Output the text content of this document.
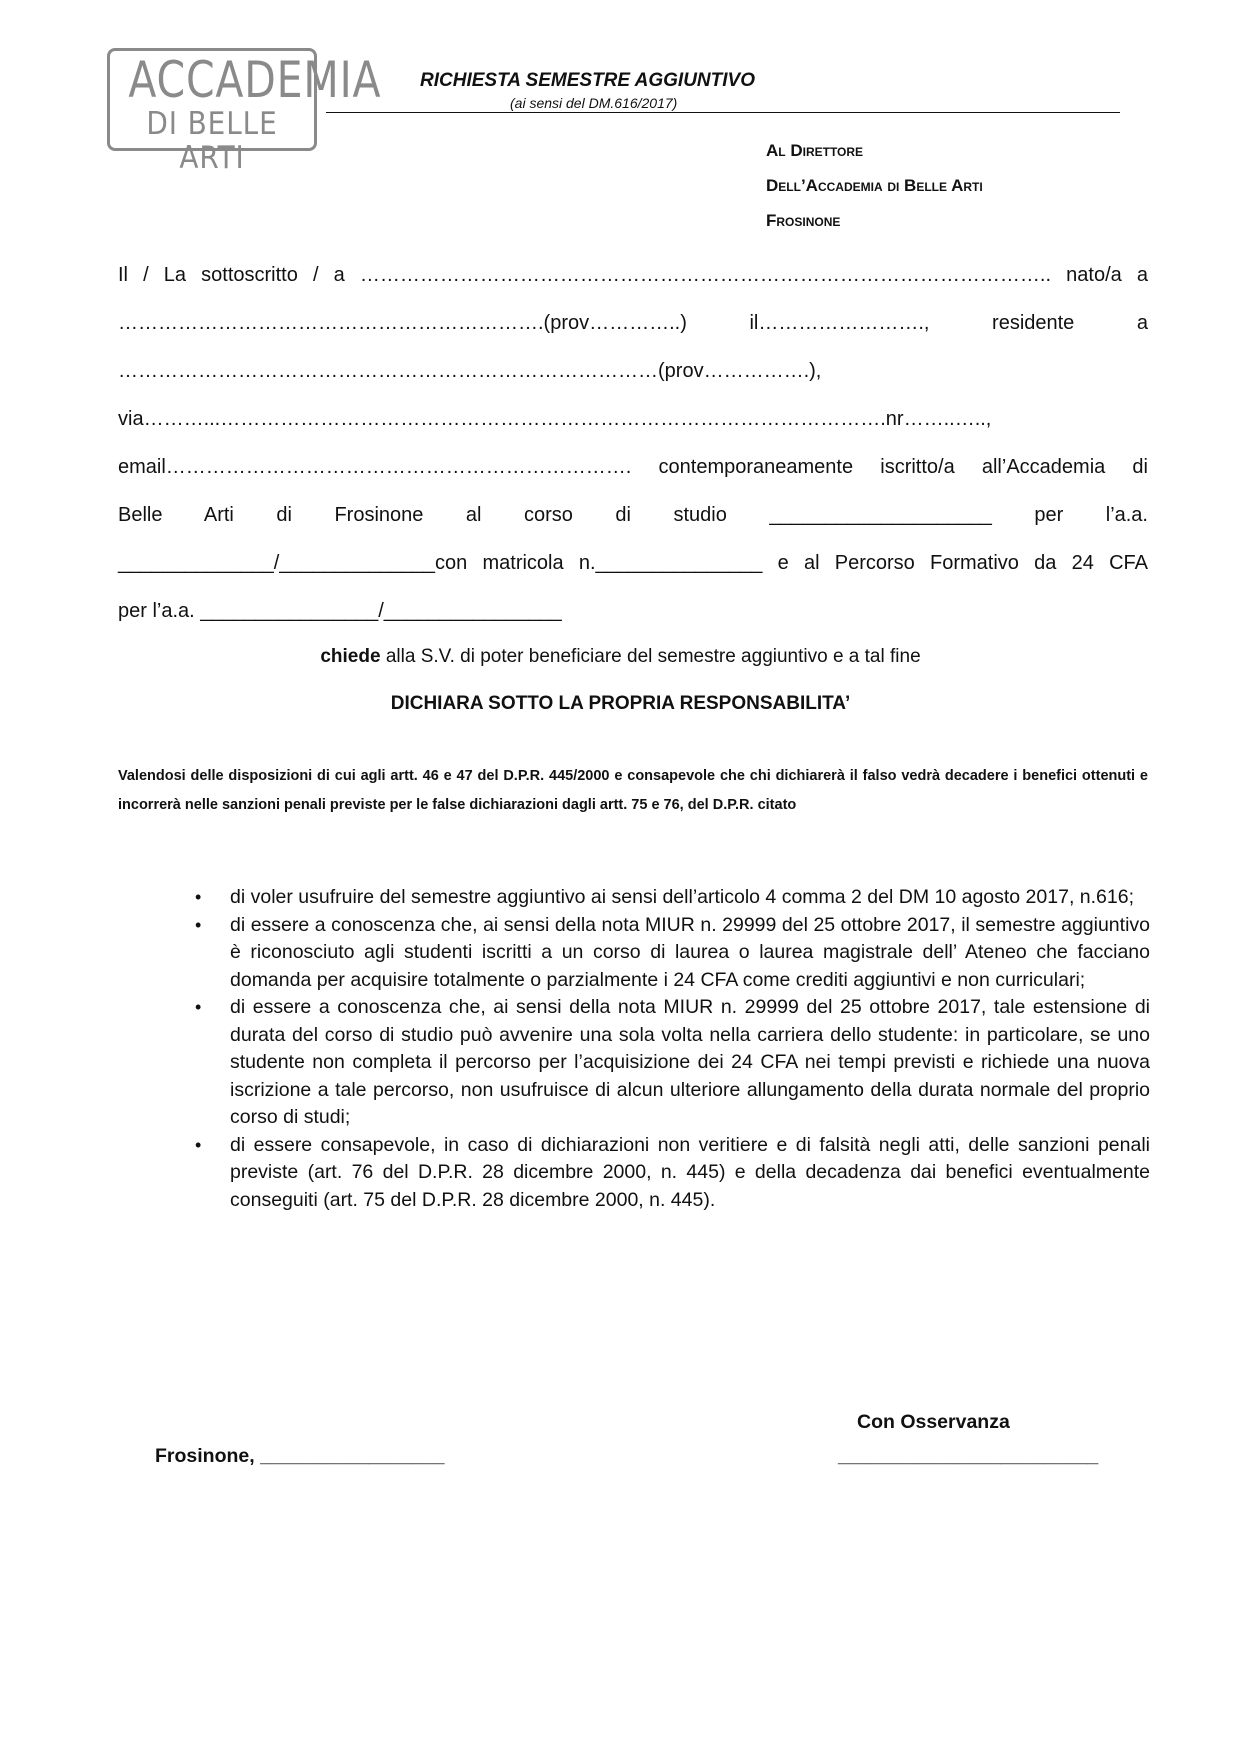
ACCADEMIA
DI BELLE ARTI
RICHIESTA SEMESTRE AGGIUNTIVO
(ai sensi del DM.616/2017)
Al Direttore
Dell’Accademia di Belle Arti
Frosinone
Il / La sottoscritto / a ………………………………………………………………………………………….. nato/a a
……………………………………………………….(prov…………..) il……………………., residente a
………………………………………………………………………(prov…………….),
via………...……………………………………………………………………………………….nr……..…..,
email……………………………………………………………. contemporaneamente iscritto/a all’Accademia di
Belle Arti di Frosinone al corso di studio ____________________ per l’a.a.
______________/______________con matricola n._______________ e al Percorso Formativo da 24 CFA
per l’a.a. ________________/________________
chiede alla S.V. di poter beneficiare del semestre aggiuntivo e a tal fine
DICHIARA SOTTO LA PROPRIA RESPONSABILITA’
Valendosi delle disposizioni di cui agli artt. 46 e 47 del D.P.R. 445/2000 e consapevole che chi dichiarerà il falso vedrà decadere i benefici ottenuti e incorrerà nelle sanzioni penali previste per le false dichiarazioni dagli artt. 75 e 76, del D.P.R. citato
• di voler usufruire del semestre aggiuntivo ai sensi dell’articolo 4 comma 2 del DM 10 agosto 2017, n.616;
• di essere a conoscenza che, ai sensi della nota MIUR n. 29999 del 25 ottobre 2017, il semestre aggiuntivo è riconosciuto agli studenti iscritti a un corso di laurea o laurea magistrale dell’ Ateneo che facciano domanda per acquisire totalmente o parzialmente i 24 CFA come crediti aggiuntivi e non curriculari;
• di essere a conoscenza che, ai sensi della nota MIUR n. 29999 del 25 ottobre 2017, tale estensione di durata del corso di studio può avvenire una sola volta nella carriera dello studente: in particolare, se uno studente non completa il percorso per l’acquisizione dei 24 CFA nei tempi previsti e richiede una nuova iscrizione a tale percorso, non usufruisce di alcun ulteriore allungamento della durata normale del proprio corso di studi;
• di essere consapevole, in caso di dichiarazioni non veritiere e di falsità negli atti, delle sanzioni penali previste (art. 76 del D.P.R. 28 dicembre 2000, n. 445) e della decadenza dai benefici eventualmente conseguiti (art. 75 del D.P.R. 28 dicembre 2000, n. 445).
Con Osservanza
Frosinone, _________________	________________________
